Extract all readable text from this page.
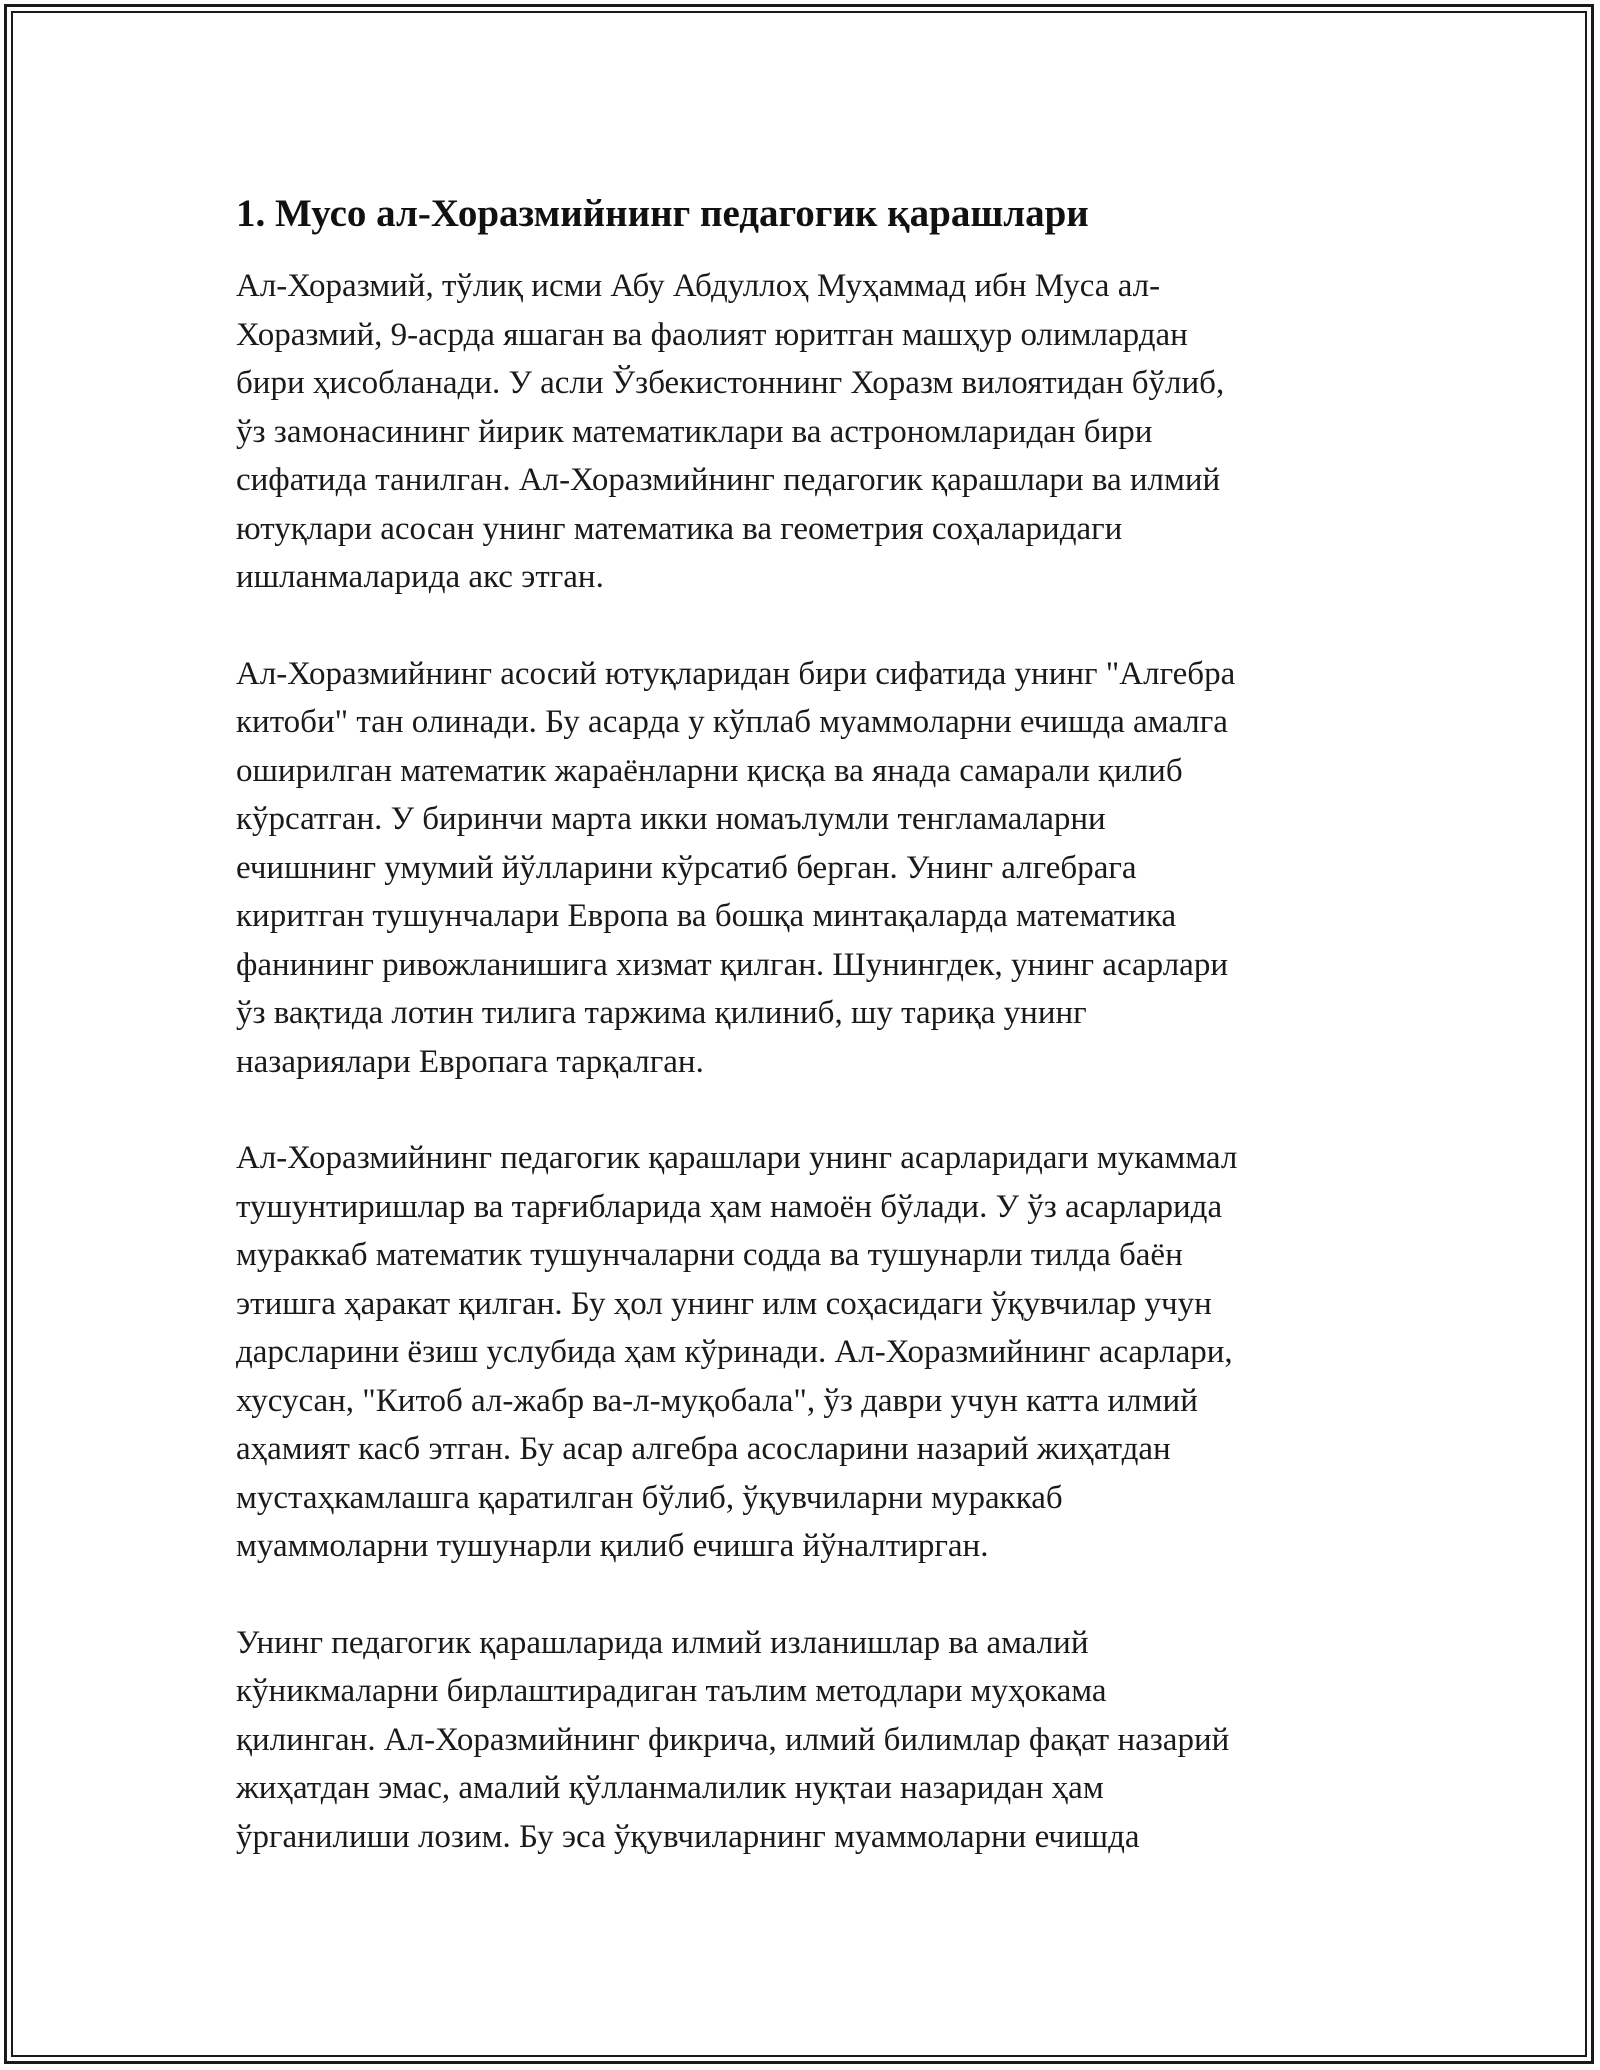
1. Мусо ал-Хоразмийнинг педагогик қарашлари

Ал-Хоразмий, тўлиқ исми Абу Абдуллоҳ Муҳаммад ибн Муса ал-
Хоразмий, 9-асрда яшаган ва фаолият юритган машҳур олимлардан
бири ҳисобланади. У асли Ўзбекистоннинг Хоразм вилоятидан бўлиб,
ўз замонасининг йирик математиклари ва астрономларидан бири
сифатида танилган. Ал-Хоразмийнинг педагогик қарашлари ва илмий
ютуқлари асосан унинг математика ва геометрия соҳаларидаги
ишланмаларида акс этган.

Ал-Хоразмийнинг асосий ютуқларидан бири сифатида унинг "Алгебра
китоби" тан олинади. Бу асарда у кўплаб муаммоларни ечишда амалга
оширилган математик жараёнларни қисқа ва янада самарали қилиб
кўрсатган. У биринчи марта икки номаълумли тенгламаларни
ечишнинг умумий йўлларини кўрсатиб берган. Унинг алгебрага
киритган тушунчалари Европа ва бошқа минтақаларда математика
фанининг ривожланишига хизмат қилган. Шунингдек, унинг асарлари
ўз вақтида лотин тилига таржима қилиниб, шу тариқа унинг
назариялари Европага тарқалган.

Ал-Хоразмийнинг педагогик қарашлари унинг асарларидаги мукаммал
тушунтиришлар ва тарғибларида ҳам намоён бўлади. У ўз асарларида
мураккаб математик тушунчаларни содда ва тушунарли тилда баён
этишга ҳаракат қилган. Бу ҳол унинг илм соҳасидаги ўқувчилар учун
дарсларини ёзиш услубида ҳам кўринади. Ал-Хоразмийнинг асарлари,
хусусан, "Китоб ал-жабр ва-л-муқобала", ўз даври учун катта илмий
аҳамият касб этган. Бу асар алгебра асосларини назарий жиҳатдан
мустаҳкамлашга қаратилган бўлиб, ўқувчиларни мураккаб
муаммоларни тушунарли қилиб ечишга йўналтирган.

Унинг педагогик қарашларида илмий изланишлар ва амалий
кўникмаларни бирлаштирадиган таълим методлари муҳокама
қилинган. Ал-Хоразмийнинг фикрича, илмий билимлар фақат назарий
жиҳатдан эмас, амалий қўлланмалилик нуқтаи назаридан ҳам
ўрганилиши лозим. Бу эса ўқувчиларнинг муаммоларни ечишда
